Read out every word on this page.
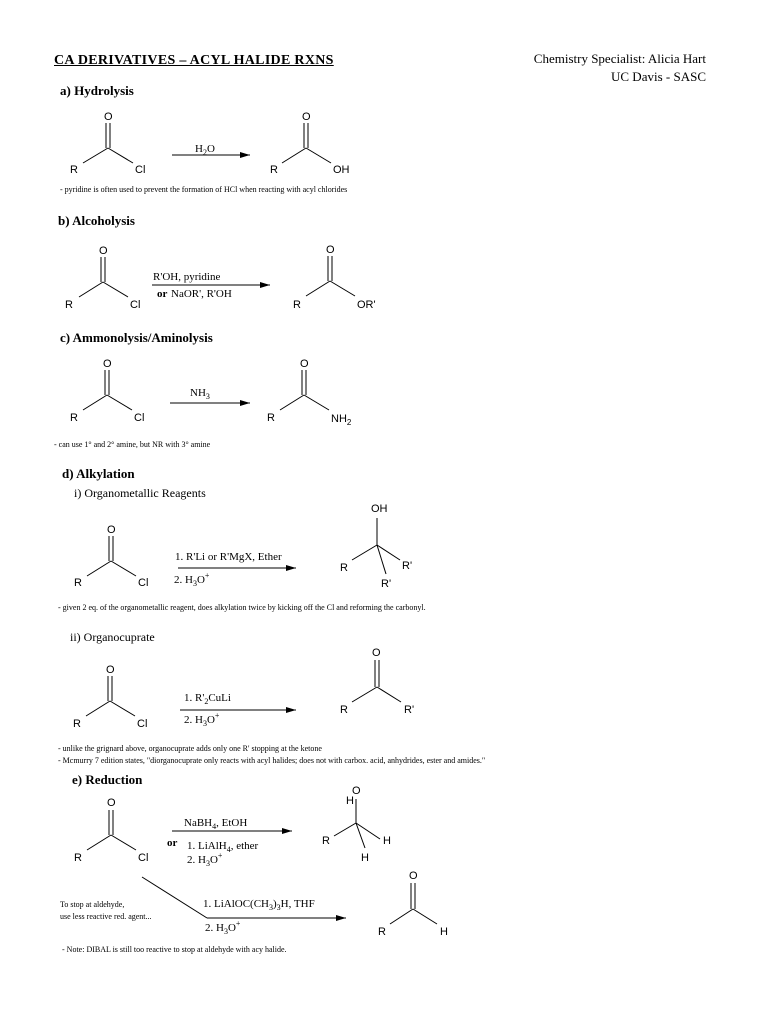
CA DERIVATIVES – ACYL HALIDE RXNS	Chemistry Specialist: Alicia Hart
UC Davis - SASC
a) Hydrolysis
- pyridine is often used to prevent the formation of HCl when reacting with acyl chlorides
b) Alcoholysis
c) Ammonolysis/Aminolysis
- can use 1° and 2° amine, but NR with 3° amine
d) Alkylation
i) Organometallic Reagents
- given 2 eq. of the organometallic reagent, does alkylation twice by kicking off the Cl and reforming the carbonyl.
ii) Organocuprate
- unlike the grignard above, organocuprate adds only one R' stopping at the ketone
- Mcmurry 7 edition states, "diorganocuprate only reacts with acyl halides; does not with carbox. acid, anhydrides, ester and amides."
e) Reduction
To stop at aldehyde,
use less reactive red. agent...
- Note: DIBAL is still too reactive to stop at aldehyde with acy halide.
O
R	Cl
$H_2O$
O
R	OH
O
R	Cl
R'OH, pyridine
or NaOR', R'OH
O
R	OR'
O
R	Cl
$NH_3$
O
R	$NH_2$
O
R	Cl
1. R'Li or R'MgX, Ether
2. $H_3O^+$
OH
R	R'
R'
O
R	Cl
1. $R'_2CuLi$
2. $H_3O^+$
O
R	R'
O
R	Cl
NaBH$_4$, EtOH
or 1. LiAlH$_4$, ether
2. $H_3O^+$
O
H
R	H
H
1. $LiAlOC(CH_3)_3H$, THF
2. $H_3O^+$
O
R	H
